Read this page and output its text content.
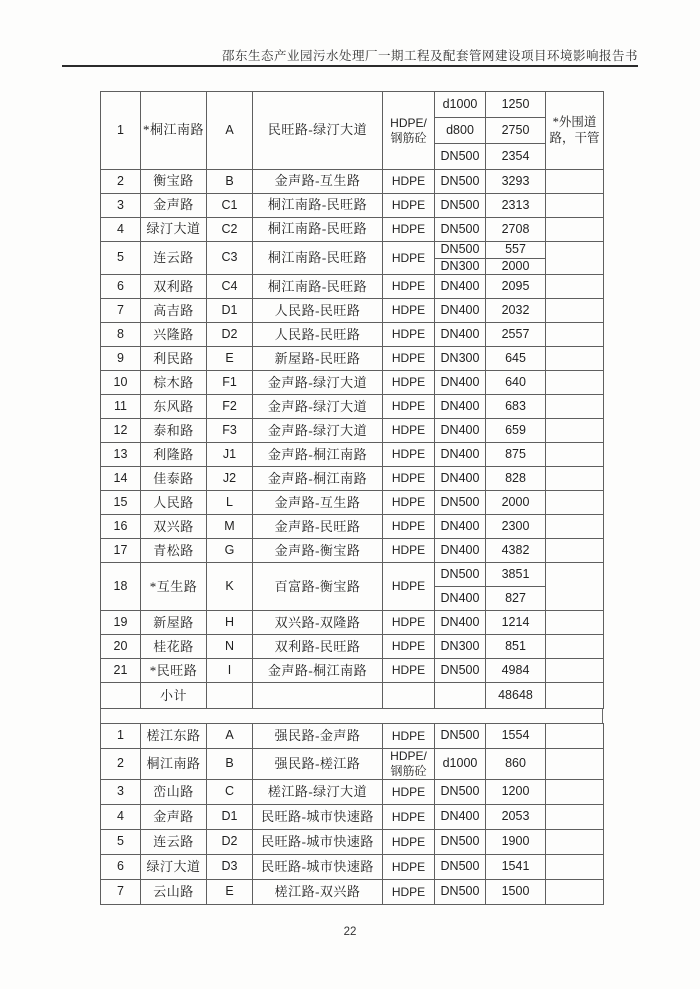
邵东生态产业园污水处理厂一期工程及配套管网建设项目环境影响报告书
1	*桐江南路	A	民旺路-绿汀大道	HDPE/钢筋砼	d1000	1250	*外围道路，干管
					d800	2750	
					DN500	2354	
2	衡宝路	B	金声路-互生路	HDPE	DN500	3293	
3	金声路	C1	桐江南路-民旺路	HDPE	DN500	2313	
4	绿汀大道	C2	桐江南路-民旺路	HDPE	DN500	2708	
5	连云路	C3	桐江南路-民旺路	HDPE	DN500	557	
					DN300	2000	
6	双利路	C4	桐江南路-民旺路	HDPE	DN400	2095	
7	高吉路	D1	人民路-民旺路	HDPE	DN400	2032	
8	兴隆路	D2	人民路-民旺路	HDPE	DN400	2557	
9	利民路	E	新屋路-民旺路	HDPE	DN300	645	
10	棕木路	F1	金声路-绿汀大道	HDPE	DN400	640	
11	东风路	F2	金声路-绿汀大道	HDPE	DN400	683	
12	泰和路	F3	金声路-绿汀大道	HDPE	DN400	659	
13	利隆路	J1	金声路-桐江南路	HDPE	DN400	875	
14	佳泰路	J2	金声路-桐江南路	HDPE	DN400	828	
15	人民路	L	金声路-互生路	HDPE	DN500	2000	
16	双兴路	M	金声路-民旺路	HDPE	DN400	2300	
17	青松路	G	金声路-衡宝路	HDPE	DN400	4382	
18	*互生路	K	百富路-衡宝路	HDPE	DN500	3851	
					DN400	827	
19	新屋路	H	双兴路-双隆路	HDPE	DN400	1214	
20	桂花路	N	双利路-民旺路	HDPE	DN300	851	
21	*民旺路	I	金声路-桐江南路	HDPE	DN500	4984	
	小计					48648	
1	槎江东路	A	强民路-金声路	HDPE	DN500	1554	
2	桐江南路	B	强民路-槎江路	HDPE/钢筋砼	d1000	860	
3	峦山路	C	槎江路-绿汀大道	HDPE	DN500	1200	
4	金声路	D1	民旺路-城市快速路	HDPE	DN400	2053	
5	连云路	D2	民旺路-城市快速路	HDPE	DN500	1900	
6	绿汀大道	D3	民旺路-城市快速路	HDPE	DN500	1541	
7	云山路	E	槎江路-双兴路	HDPE	DN500	1500	
22
